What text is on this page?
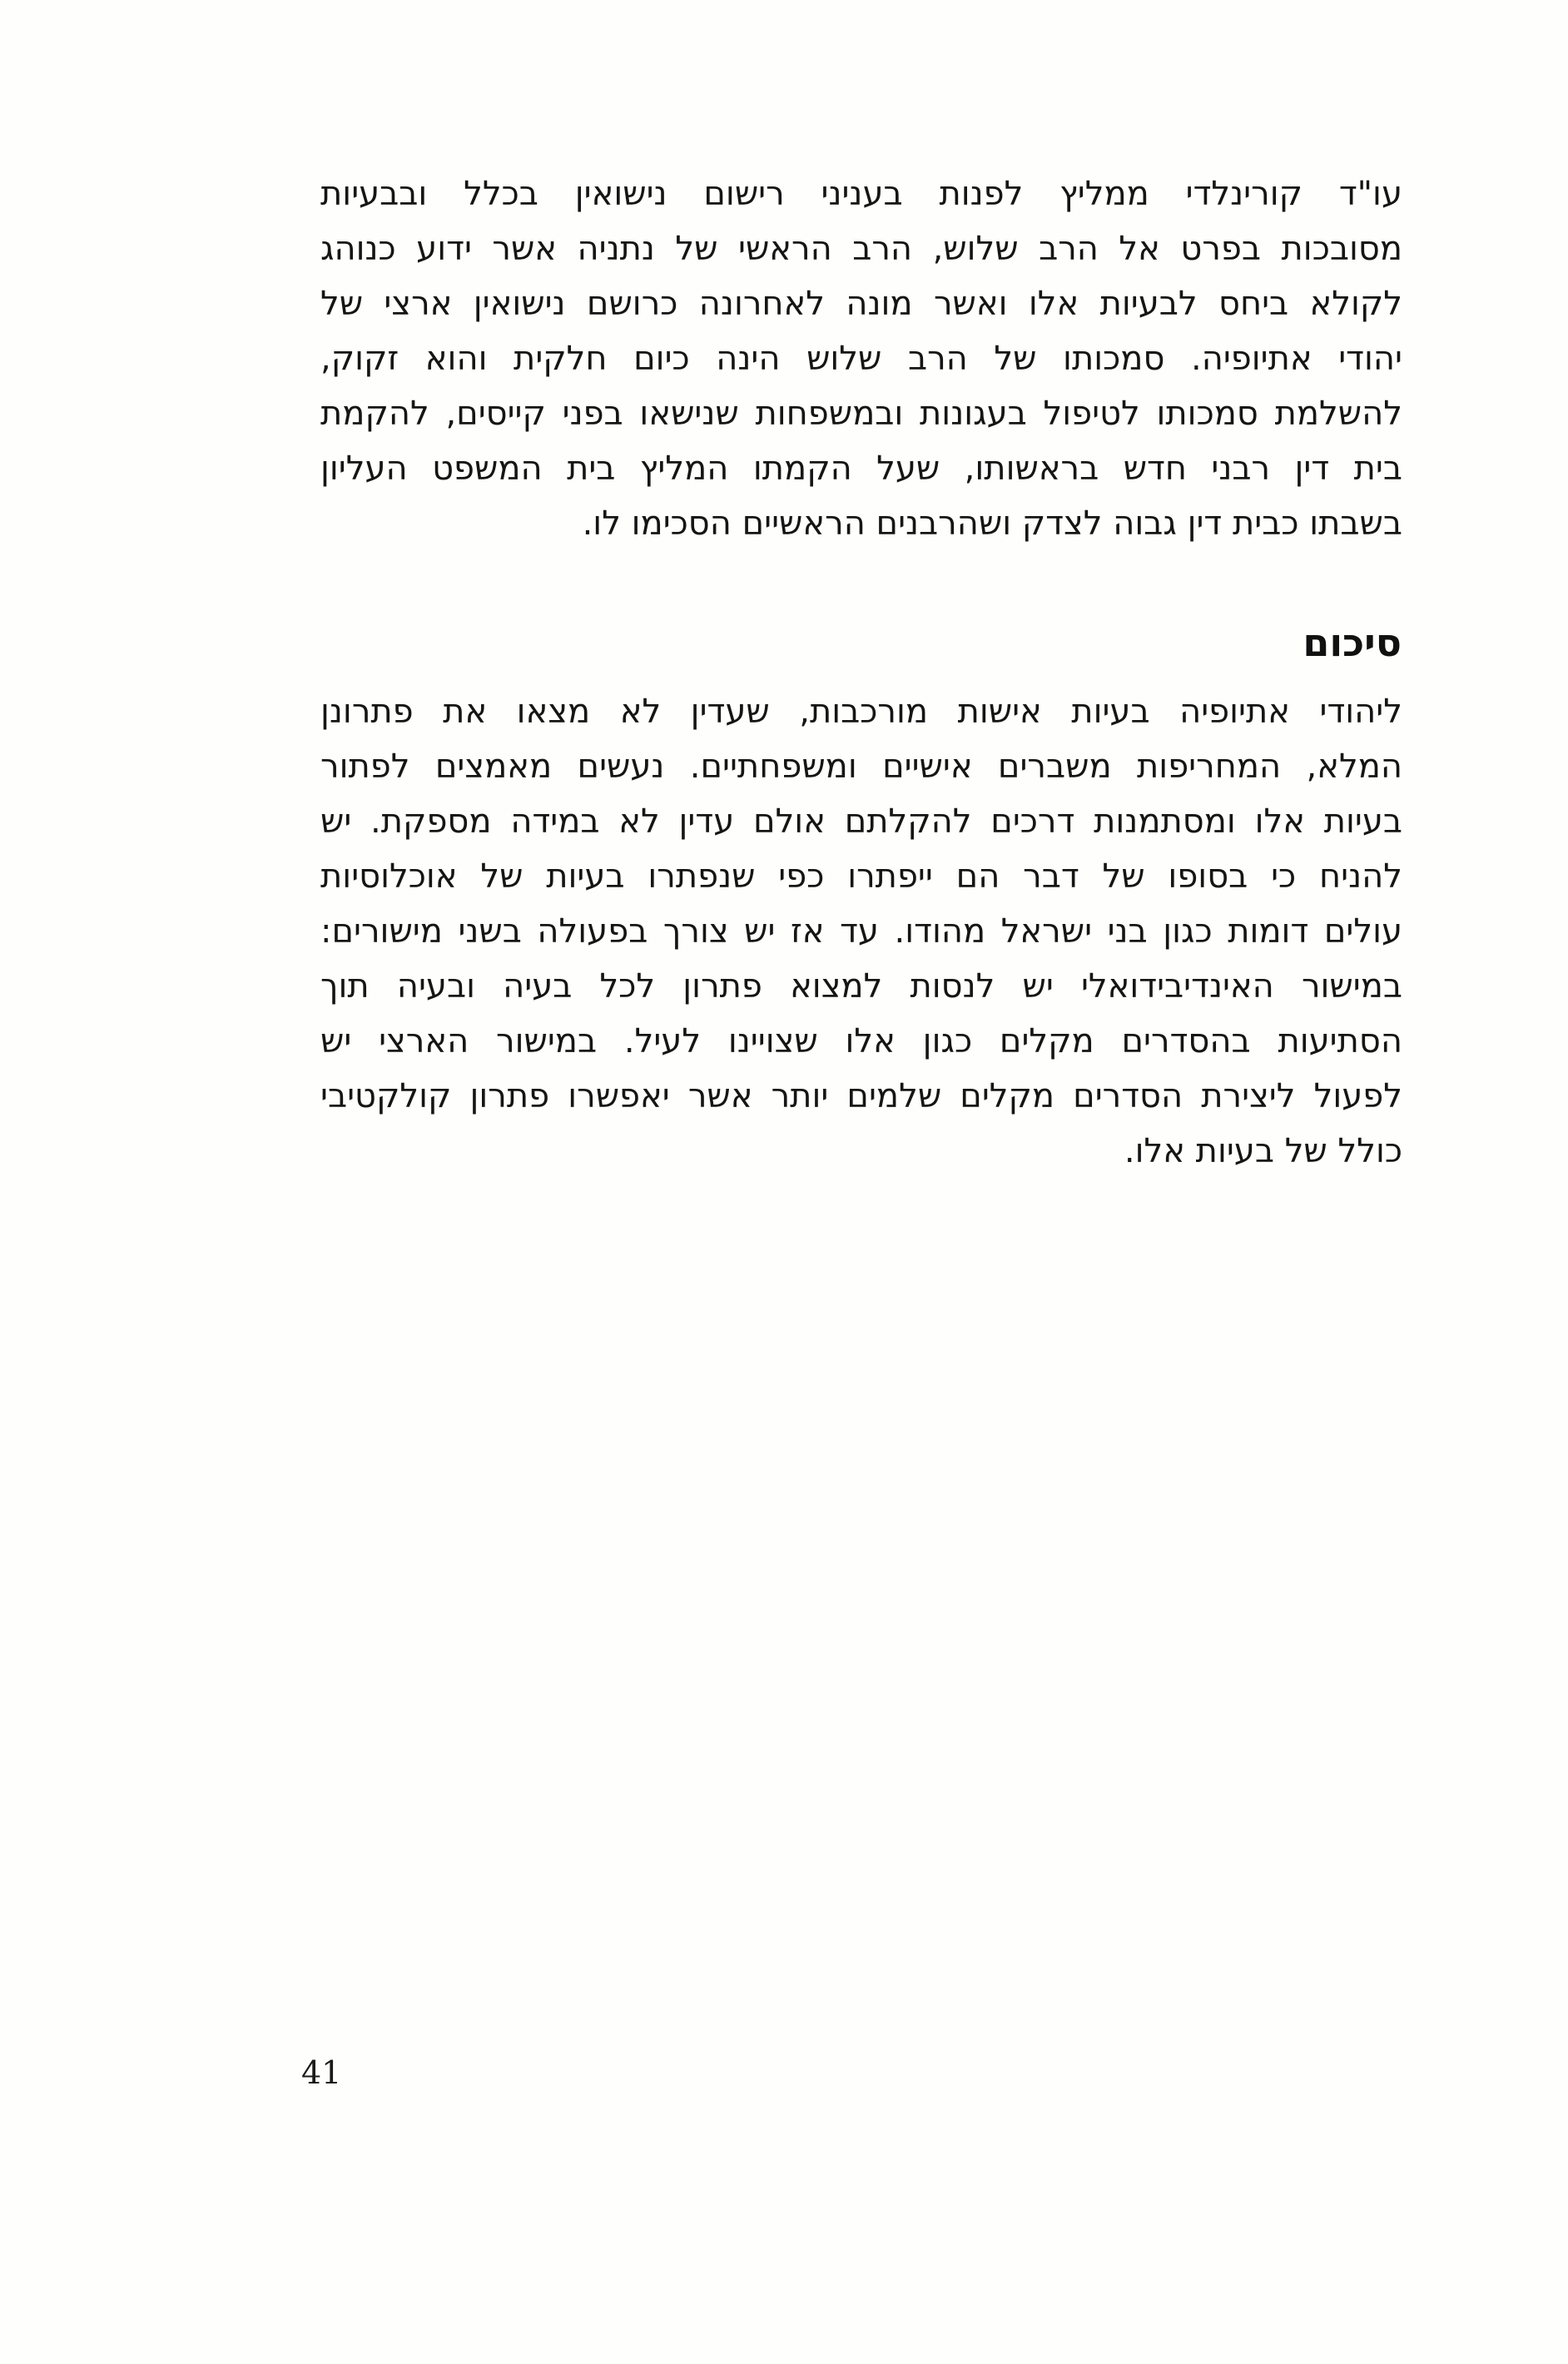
עו"ד קורינלדי ממליץ לפנות בעניני רישום נישואין בכלל ובבעיות
מסובכות בפרט אל הרב שלוש, הרב הראשי של נתניה אשר ידוע כנוהג
לקולא ביחס לבעיות אלו ואשר מונה לאחרונה כרושם נישואין ארצי של
יהודי אתיופיה. סמכותו של הרב שלוש הינה כיום חלקית והוא זקוק,
להשלמת סמכותו לטיפול בעגונות ובמשפחות שנישאו בפני קייסים, להקמת
בית דין רבני חדש בראשותו, שעל הקמתו המליץ בית המשפט העליון
בשבתו כבית דין גבוה לצדק ושהרבנים הראשיים הסכימו לו.
סיכום
ליהודי אתיופיה בעיות אישות מורכבות, שעדין לא מצאו את פתרונן
המלא, המחריפות משברים אישיים ומשפחתיים. נעשים מאמצים לפתור
בעיות אלו ומסתמנות דרכים להקלתם אולם עדין לא במידה מספקת. יש
להניח כי בסופו של דבר הם ייפתרו כפי שנפתרו בעיות של אוכלוסיות
עולים דומות כגון בני ישראל מהודו. עד אז יש צורך בפעולה בשני מישורים:
במישור האינדיבידואלי יש לנסות למצוא פתרון לכל בעיה ובעיה תוך
הסתיעות בהסדרים מקלים כגון אלו שצויינו לעיל. במישור הארצי יש
לפעול ליצירת הסדרים מקלים שלמים יותר אשר יאפשרו פתרון קולקטיבי
כולל של בעיות אלו.
41
